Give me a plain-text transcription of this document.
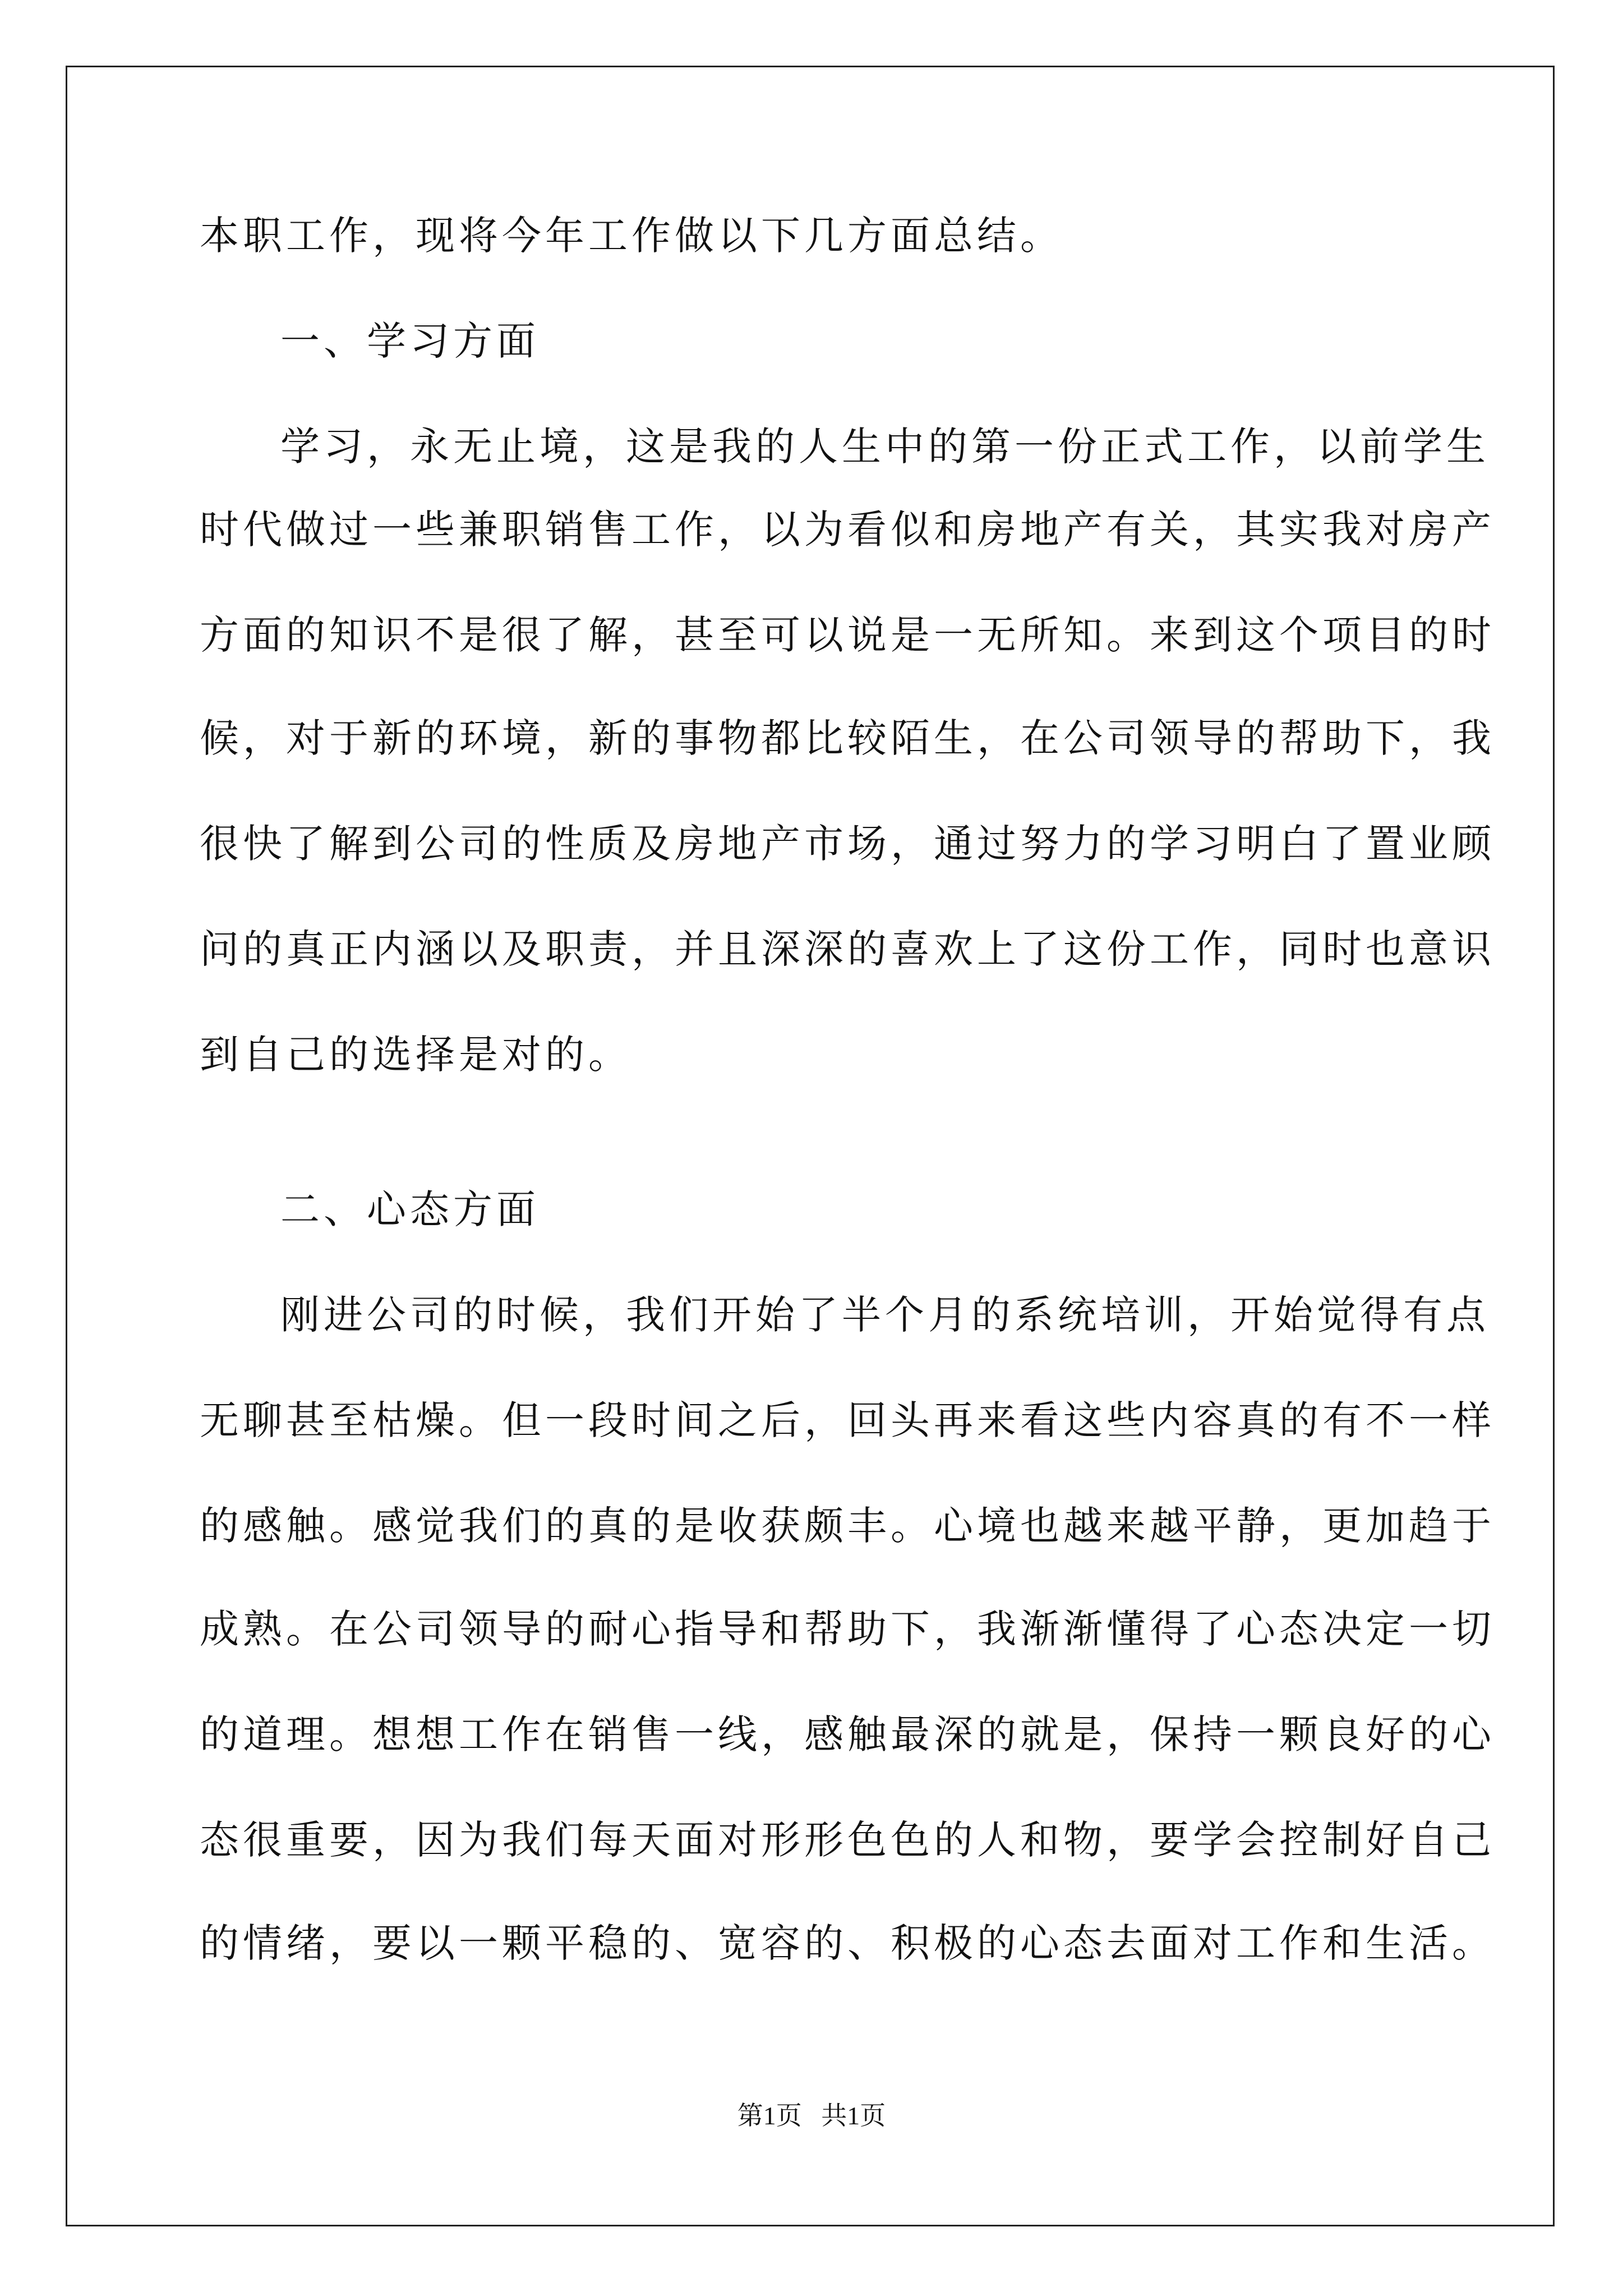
本职工作，现将今年工作做以下几方面总结。

一、学习方面

学习，永无止境，这是我的人生中的第一份正式工作，以前学生

时代做过一些兼职销售工作，以为看似和房地产有关，其实我对房产

方面的知识不是很了解，甚至可以说是一无所知。来到这个项目的时

候，对于新的环境，新的事物都比较陌生，在公司领导的帮助下，我

很快了解到公司的性质及房地产市场，通过努力的学习明白了置业顾

问的真正内涵以及职责，并且深深的喜欢上了这份工作，同时也意识

到自己的选择是对的。

二、心态方面

刚进公司的时候，我们开始了半个月的系统培训，开始觉得有点

无聊甚至枯燥。但一段时间之后，回头再来看这些内容真的有不一样

的感触。感觉我们的真的是收获颇丰。心境也越来越平静，更加趋于

成熟。在公司领导的耐心指导和帮助下，我渐渐懂得了心态决定一切

的道理。想想工作在销售一线，感触最深的就是，保持一颗良好的心

态很重要，因为我们每天面对形形色色的人和物，要学会控制好自己

的情绪，要以一颗平稳的、宽容的、积极的心态去面对工作和生活。

第1页   共1页
